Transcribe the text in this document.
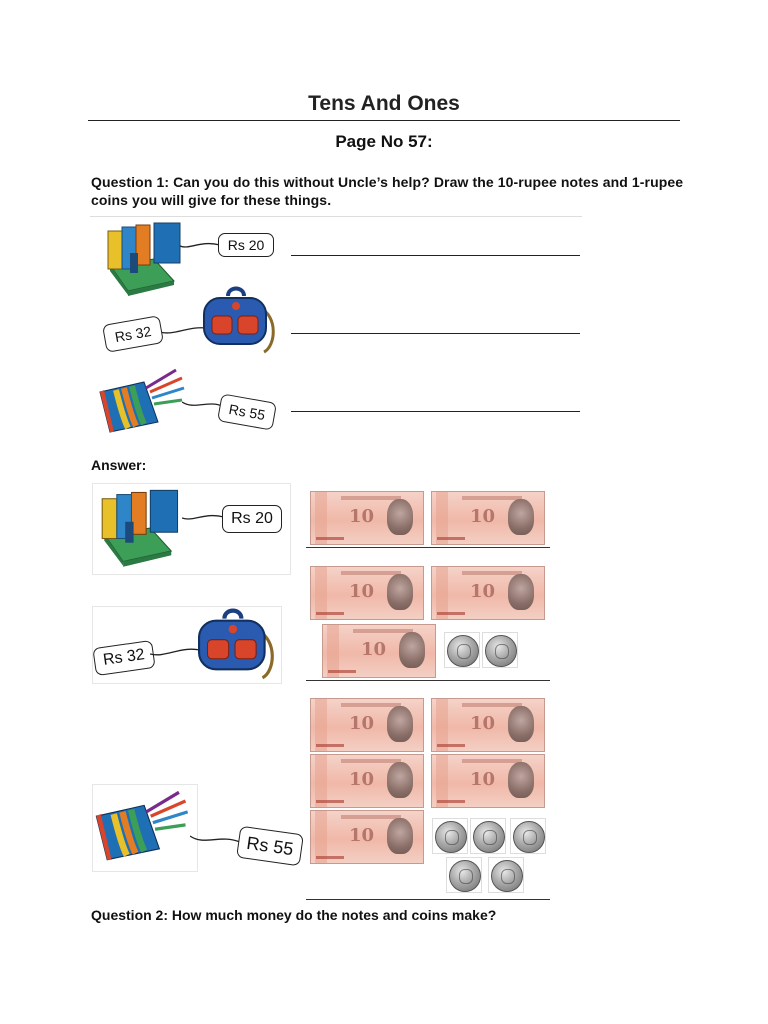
Tens And Ones
Page No 57:
Question 1: Can you do this without Uncle’s help? Draw the 10-rupee notes and 1-rupee coins you will give for these things.
Rs 20
Rs 32
Rs 55
Answer:
Rs 20	10	10
Rs 32
10	10
10
Rs 55
10	10
10	10
10
Question 2: How much money do the notes and coins make?
